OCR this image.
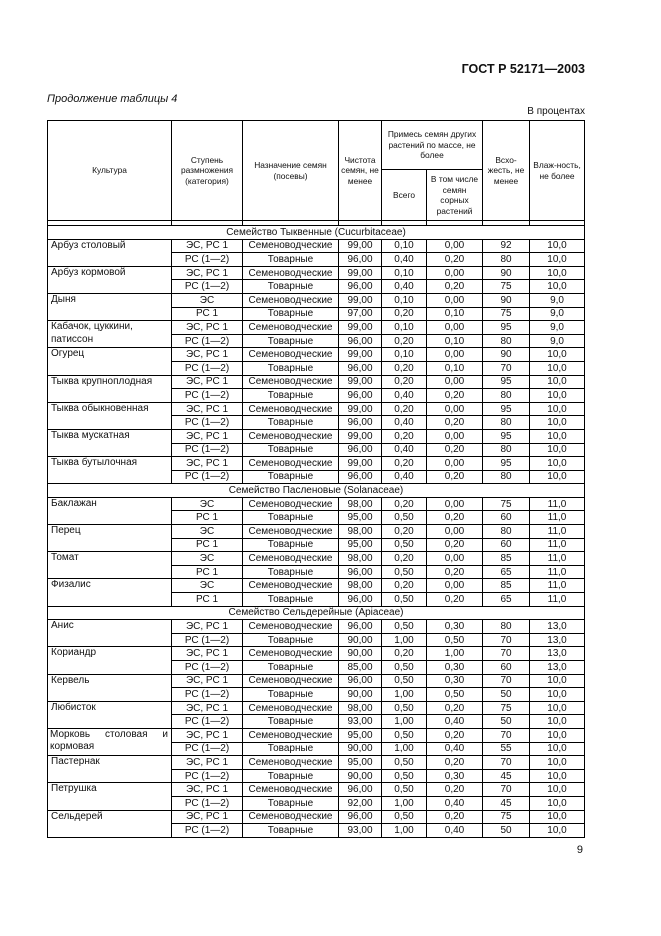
ГОСТ Р 52171—2003
Продолжение таблицы 4
В процентах
Культура	Ступень размножения (категория)	Назначение семян (посевы)	Чистота семян, не менее	Примесь семян других растений по массе, не более		Всхо-жесть, не менее	Влаж-ность, не более
				Всего	В том числе семян сорных растений		

Семейство Тыквенные (Cucurbitaceae)							
Арбуз столовый	ЭС, РС 1	Семеноводческие	99,00	0,10	0,00	92	10,0
	РС (1—2)	Товарные	96,00	0,40	0,20	80	10,0
Арбуз кормовой	ЭС, РС 1	Семеноводческие	99,00	0,10	0,00	90	10,0
	РС (1—2)	Товарные	96,00	0,40	0,20	75	10,0
Дыня	ЭС	Семеноводческие	99,00	0,10	0,00	90	9,0
	РС 1	Товарные	97,00	0,20	0,10	75	9,0
Кабачок, цуккини, патиссон	ЭС, РС 1	Семеноводческие	99,00	0,10	0,00	95	9,0
	РС (1—2)	Товарные	96,00	0,20	0,10	80	9,0
Огурец	ЭС, РС 1	Семеноводческие	99,00	0,10	0,00	90	10,0
	РС (1—2)	Товарные	96,00	0,20	0,10	70	10,0
Тыква крупноплодная	ЭС, РС 1	Семеноводческие	99,00	0,20	0,00	95	10,0
	РС (1—2)	Товарные	96,00	0,40	0,20	80	10,0
Тыква обыкновенная	ЭС, РС 1	Семеноводческие	99,00	0,20	0,00	95	10,0
	РС (1—2)	Товарные	96,00	0,40	0,20	80	10,0
Тыква мускатная	ЭС, РС 1	Семеноводческие	99,00	0,20	0,00	95	10,0
	РС (1—2)	Товарные	96,00	0,40	0,20	80	10,0
Тыква бутылочная	ЭС, РС 1	Семеноводческие	99,00	0,20	0,00	95	10,0
	РС (1—2)	Товарные	96,00	0,40	0,20	80	10,0
Семейство Пасленовые (Solanaceae)							
Баклажан	ЭС	Семеноводческие	98,00	0,20	0,00	75	11,0
	РС 1	Товарные	95,00	0,50	0,20	60	11,0
Перец	ЭС	Семеноводческие	98,00	0,20	0,00	80	11,0
	РС 1	Товарные	95,00	0,50	0,20	60	11,0
Томат	ЭС	Семеноводческие	98,00	0,20	0,00	85	11,0
	РС 1	Товарные	96,00	0,50	0,20	65	11,0
Физалис	ЭС	Семеноводческие	98,00	0,20	0,00	85	11,0
	РС 1	Товарные	96,00	0,50	0,20	65	11,0
Семейство Сельдерейные (Apiaceae)							
Анис	ЭС, РС 1	Семеноводческие	96,00	0,50	0,30	80	13,0
	РС (1—2)	Товарные	90,00	1,00	0,50	70	13,0
Кориандр	ЭС, РС 1	Семеноводческие	90,00	0,20	1,00	70	13,0
	РС (1—2)	Товарные	85,00	0,50	0,30	60	13,0
Кервель	ЭС, РС 1	Семеноводческие	96,00	0,50	0,30	70	10,0
	РС (1—2)	Товарные	90,00	1,00	0,50	50	10,0
Любисток	ЭС, РС 1	Семеноводческие	98,00	0,50	0,20	75	10,0
	РС (1—2)	Товарные	93,00	1,00	0,40	50	10,0
Морковь столовая и кормовая	ЭС, РС 1	Семеноводческие	95,00	0,50	0,20	70	10,0
	РС (1—2)	Товарные	90,00	1,00	0,40	55	10,0
Пастернак	ЭС, РС 1	Семеноводческие	95,00	0,50	0,20	70	10,0
	РС (1—2)	Товарные	90,00	0,50	0,30	45	10,0
Петрушка	ЭС, РС 1	Семеноводческие	96,00	0,50	0,20	70	10,0
	РС (1—2)	Товарные	92,00	1,00	0,40	45	10,0
Сельдерей	ЭС, РС 1	Семеноводческие	96,00	0,50	0,20	75	10,0
	РС (1—2)	Товарные	93,00	1,00	0,40	50	10,0
9
